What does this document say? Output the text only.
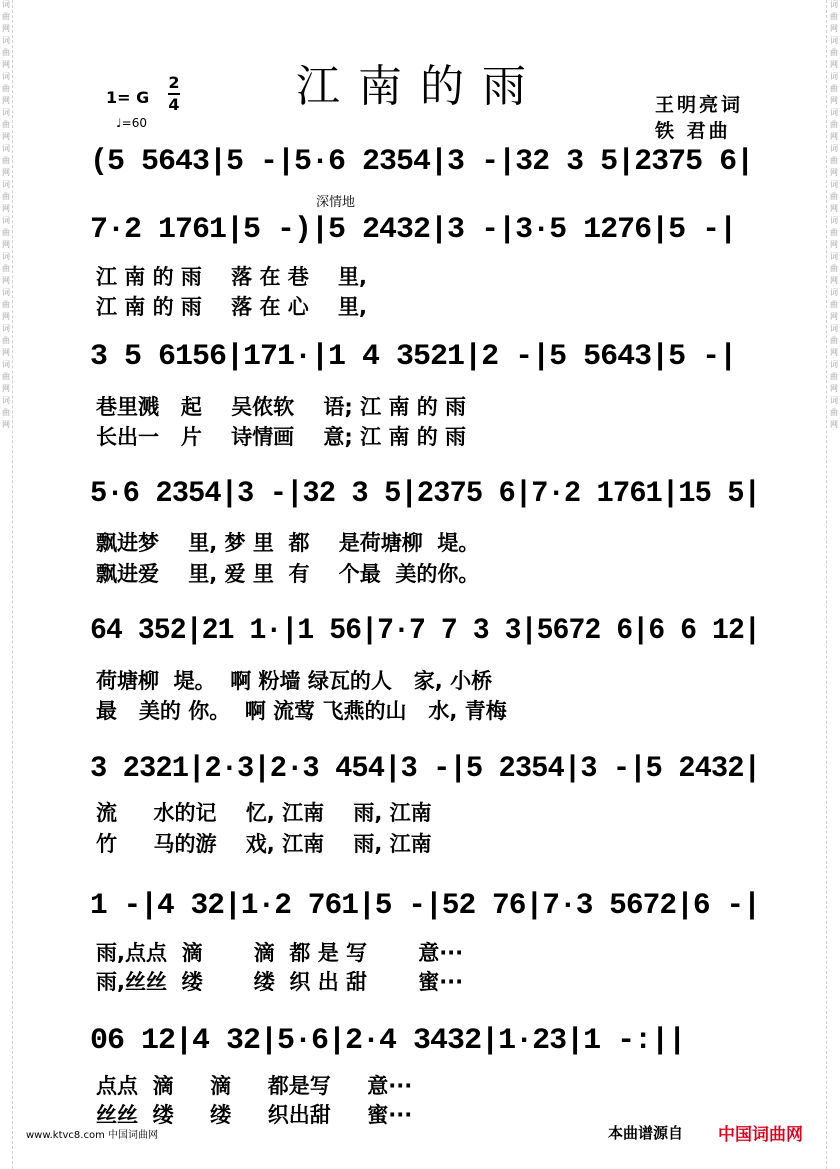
词
曲
网
词
曲
网
词
曲
网
词
曲
网
词
曲
网
词
曲
网
词
曲
网
词
曲
网
词
曲
网
词
曲
网
词
曲
网
词
曲
网
词
曲
网
词
曲
网
词
曲
网
词
曲
网
词
曲
网
词
曲
网
词
曲
网
词
曲
网
词
曲
网
词
曲
网
词
曲
网
词
曲
网
江南的雨
1= G
2
4
♩=60
王明亮词
铁 君曲
深情地
(5 5643|5 -|5·6 2354|3 -|32 3 5|2375 6|
7·2 1761|5 -)|5 2432|3 -|3·5 1276|5 -|
江 南 的 雨    落 在 巷    里,
江 南 的 雨    落 在 心    里,
3 5 6156|171·|1 4 3521|2 -|5 5643|5 -|
巷里溅   起    吴侬软    语; 江 南 的 雨
长出一   片    诗情画    意; 江 南 的 雨
5·6 2354|3 -|32 3 5|2375 6|7·2 1761|15 5|
飘进梦    里, 梦 里  都    是荷塘柳  堤。
飘进爱    里, 爱 里  有    个最  美的你。
64 352|21 1·|1 56|7·7 7 3 3|5672 6|6 6 12|
荷塘柳  堤。  啊 粉墙 绿瓦的人   家, 小桥
最   美的 你。  啊 流莺 飞燕的山   水, 青梅
3 2321|2·3|2·3 454|3 -|5 2354|3 -|5 2432|
流     水的记    忆, 江南    雨, 江南
竹     马的游    戏, 江南    雨, 江南
1 -|4 32|1·2 761|5 -|52 76|7·3 5672|6 -|
雨,点点  滴       滴  都 是 写       意···
雨,丝丝  缕       缕  织 出 甜       蜜···
06 12|4 32|5·6|2·4 3432|1·23|1 -:||
点点  滴     滴     都是写     意···
丝丝  缕     缕     织出甜     蜜···
www.ktvc8.com 中国词曲网	本曲谱源自 中国词曲网
